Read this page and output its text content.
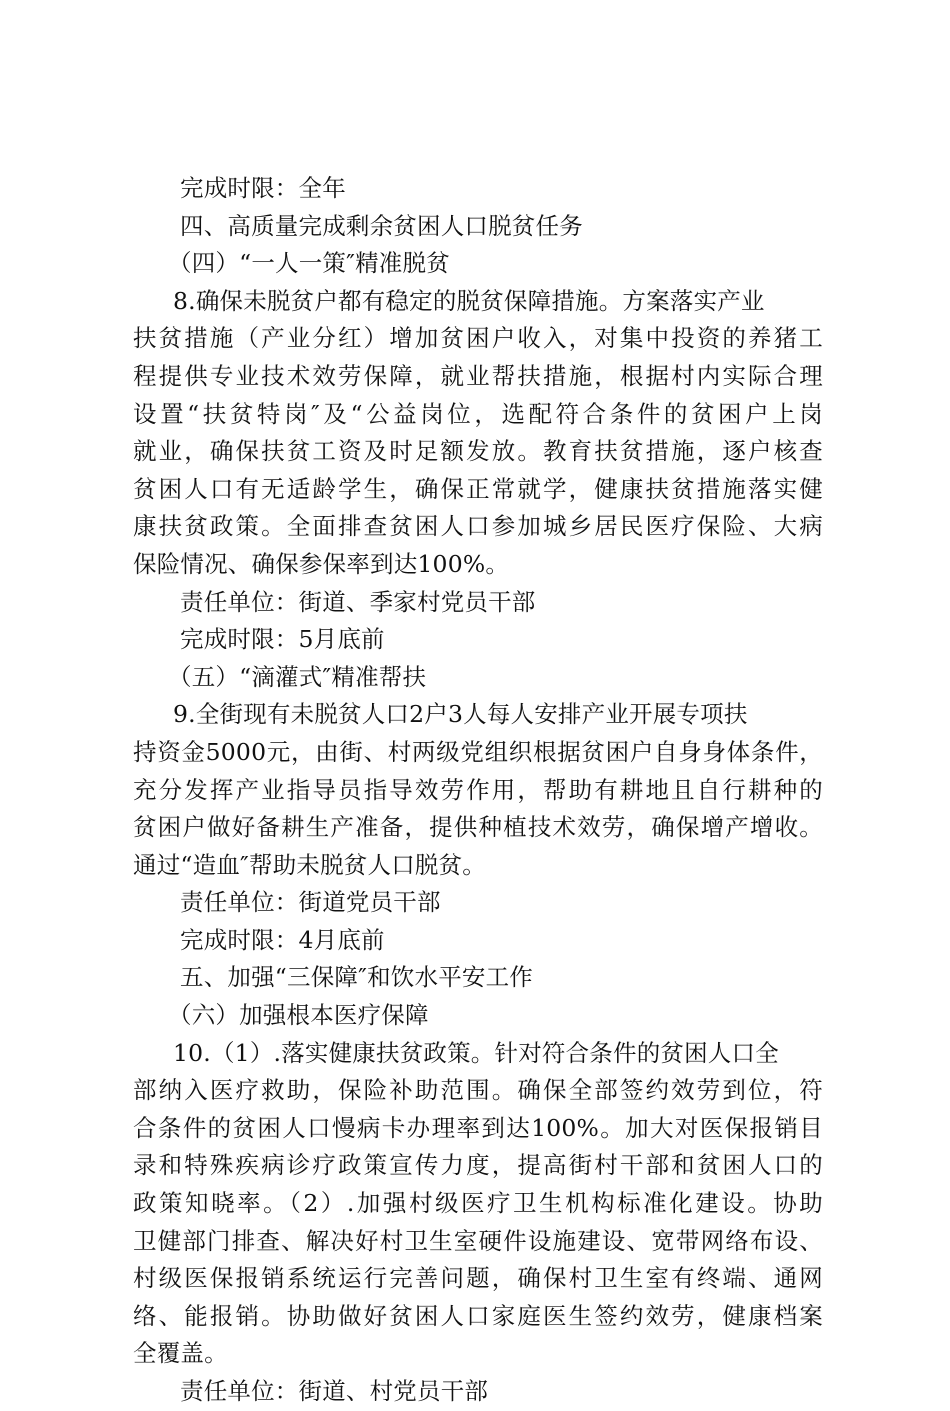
完成时限：全年
四、高质量完成剩余贫困人口脱贫任务
（四）“一人一策″精准脱贫
8.确保未脱贫户都有稳定的脱贫保障措施。方案落实产业
扶贫措施（产业分红）增加贫困户收入，对集中投资的养猪工
程提供专业技术效劳保障，就业帮扶措施，根据村内实际合理
设置“扶贫特岗″及“公益岗位，选配符合条件的贫困户上岗
就业，确保扶贫工资及时足额发放。教育扶贫措施，逐户核查
贫困人口有无适龄学生，确保正常就学，健康扶贫措施落实健
康扶贫政策。全面排查贫困人口参加城乡居民医疗保险、大病
保险情况、确保参保率到达100%。
责任单位：街道、季家村党员干部
完成时限：5月底前
（五）“滴灌式″精准帮扶
9.全街现有未脱贫人口2户3人每人安排产业开展专项扶
持资金5000元，由街、村两级党组织根据贫困户自身身体条件，
充分发挥产业指导员指导效劳作用，帮助有耕地且自行耕种的
贫困户做好备耕生产准备，提供种植技术效劳，确保增产增收。
通过“造血″帮助未脱贫人口脱贫。
责任单位：街道党员干部
完成时限：4月底前
五、加强“三保障″和饮水平安工作
（六）加强根本医疗保障
10.（1）.落实健康扶贫政策。针对符合条件的贫困人口全
部纳入医疗救助，保险补助范围。确保全部签约效劳到位，符
合条件的贫困人口慢病卡办理率到达100%。加大对医保报销目
录和特殊疾病诊疗政策宣传力度，提高街村干部和贫困人口的
政策知晓率。（2）.加强村级医疗卫生机构标准化建设。协助
卫健部门排查、解决好村卫生室硬件设施建设、宽带网络布设、
村级医保报销系统运行完善问题，确保村卫生室有终端、通网
络、能报销。协助做好贫困人口家庭医生签约效劳，健康档案
全覆盖。
责任单位：街道、村党员干部
